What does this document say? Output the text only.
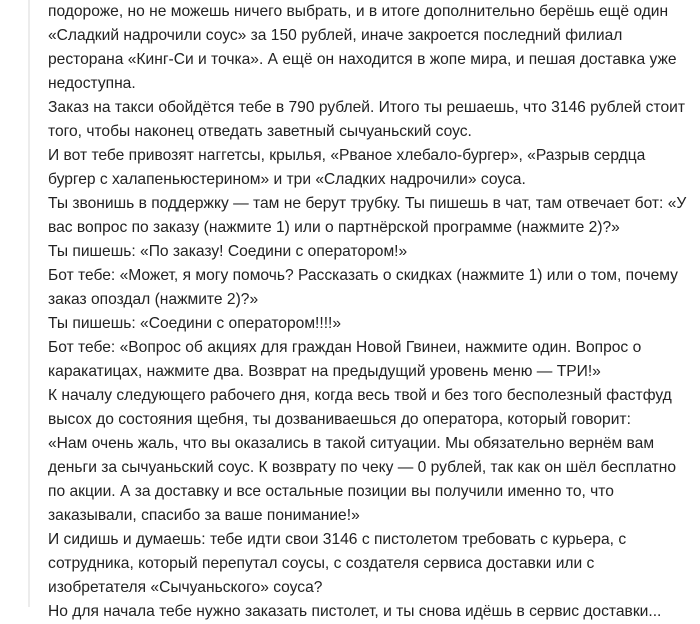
подороже, но не можешь ничего выбрать, и в итоге дополнительно берёшь ещё один «Сладкий надрочили соус» за 150 рублей, иначе закроется последний филиал ресторана «Кинг-Си и точка». А ещё он находится в жопе мира, и пешая доставка уже недоступна.

Заказ на такси обойдётся тебе в 790 рублей. Итого ты решаешь, что 3146 рублей стоит того, чтобы наконец отведать заветный сычуаньский соус.

И вот тебе привозят наггетсы, крылья, «Рваное хлебало-бургер», «Разрыв сердца бургер с халапеньюстерином» и три «Сладких надрочили» соуса.

Ты звонишь в поддержку — там не берут трубку. Ты пишешь в чат, там отвечает бот: «У вас вопрос по заказу (нажмите 1) или о партнёрской программе (нажмите 2)?»

Ты пишешь: «По заказу! Соедини с оператором!»

Бот тебе: «Может, я могу помочь? Рассказать о скидках (нажмите 1) или о том, почему заказ опоздал (нажмите 2)?»

Ты пишешь: «Соедини с оператором!!!!»

Бот тебе: «Вопрос об акциях для граждан Новой Гвинеи, нажмите один. Вопрос о каракатицах, нажмите два. Возврат на предыдущий уровень меню — ТРИ!»

К началу следующего рабочего дня, когда весь твой и без того бесполезный фастфуд высох до состояния щебня, ты дозваниваешься до оператора, который говорит:

«Нам очень жаль, что вы оказались в такой ситуации. Мы обязательно вернём вам деньги за сычуаньский соус. К возврату по чеку — 0 рублей, так как он шёл бесплатно по акции. А за доставку и все остальные позиции вы получили именно то, что заказывали, спасибо за ваше понимание!»

И сидишь и думаешь: тебе идти свои 3146 с пистолетом требовать с курьера, с сотрудника, который перепутал соусы, с создателя сервиса доставки или с изобретателя «Сычуаньского» соуса?

Но для начала тебе нужно заказать пистолет, и ты снова идёшь в сервис доставки...
